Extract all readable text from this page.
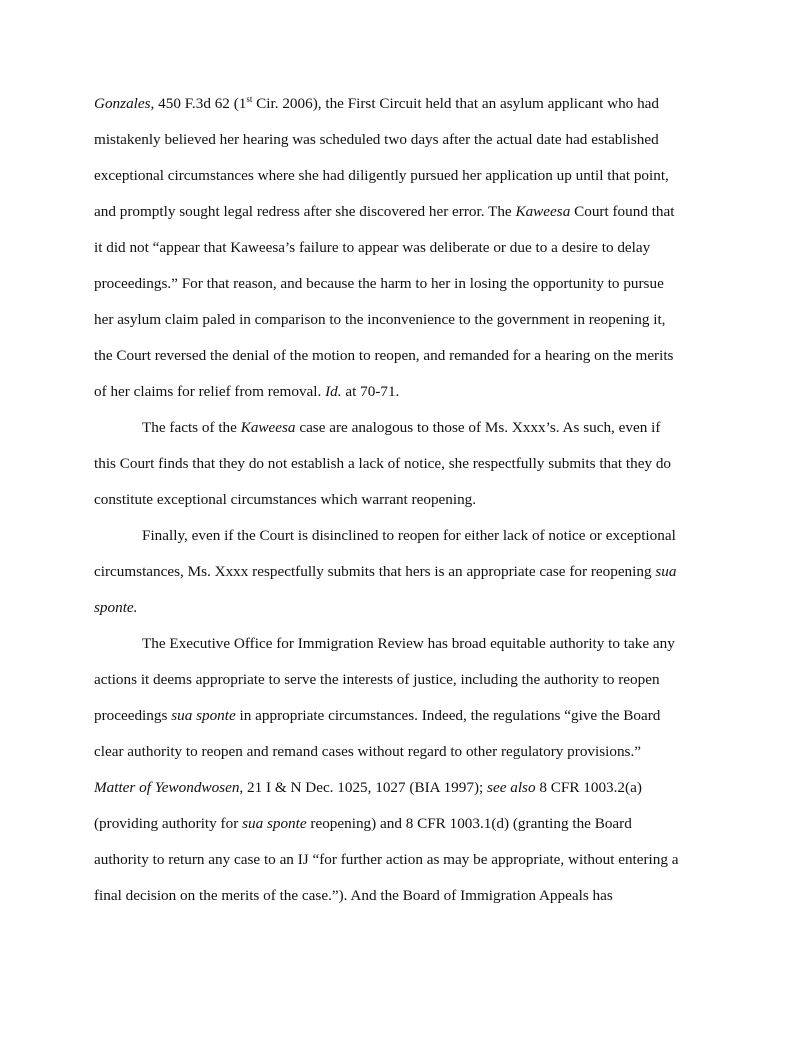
Gonzales, 450 F.3d 62 (1st Cir. 2006), the First Circuit held that an asylum applicant who had
mistakenly believed her hearing was scheduled two days after the actual date had established
exceptional circumstances where she had diligently pursued her application up until that point,
and promptly sought legal redress after she discovered her error. The Kaweesa Court found that
it did not “appear that Kaweesa’s failure to appear was deliberate or due to a desire to delay
proceedings.” For that reason, and because the harm to her in losing the opportunity to pursue
her asylum claim paled in comparison to the inconvenience to the government in reopening it,
the Court reversed the denial of the motion to reopen, and remanded for a hearing on the merits
of her claims for relief from removal. Id. at 70-71.
The facts of the Kaweesa case are analogous to those of Ms. Xxxx’s. As such, even if
this Court finds that they do not establish a lack of notice, she respectfully submits that they do
constitute exceptional circumstances which warrant reopening.
Finally, even if the Court is disinclined to reopen for either lack of notice or exceptional
circumstances, Ms. Xxxx respectfully submits that hers is an appropriate case for reopening sua
sponte.
The Executive Office for Immigration Review has broad equitable authority to take any
actions it deems appropriate to serve the interests of justice, including the authority to reopen
proceedings sua sponte in appropriate circumstances. Indeed, the regulations “give the Board
clear authority to reopen and remand cases without regard to other regulatory provisions.”
Matter of Yewondwosen, 21 I & N Dec. 1025, 1027 (BIA 1997); see also 8 CFR 1003.2(a)
(providing authority for sua sponte reopening) and 8 CFR 1003.1(d) (granting the Board
authority to return any case to an IJ “for further action as may be appropriate, without entering a
final decision on the merits of the case.”). And the Board of Immigration Appeals has
